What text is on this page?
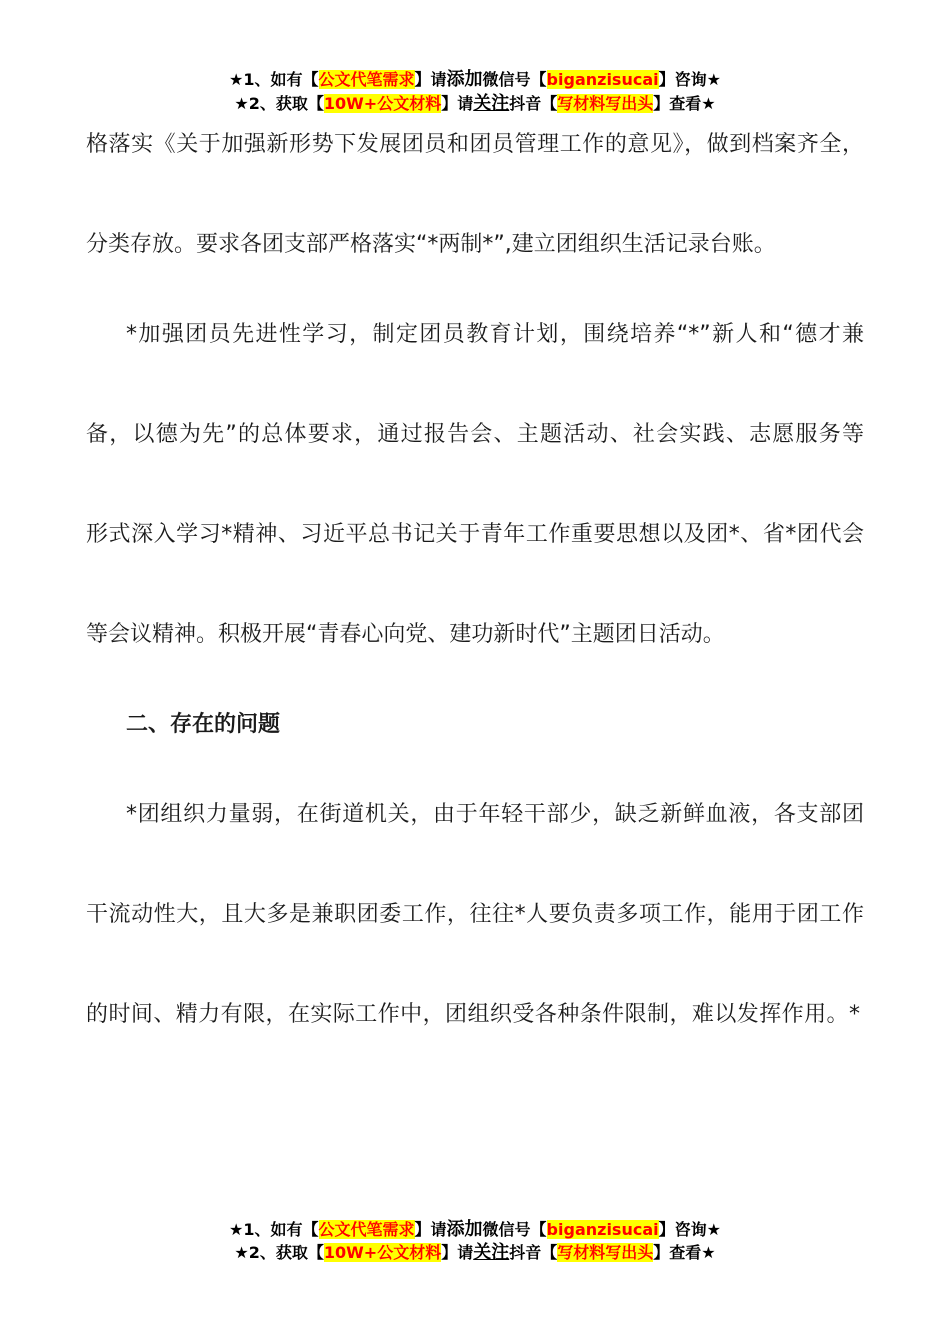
★1、如有【公文代笔需求】请添加微信号【biganzisucai】咨询★
★2、获取【10W+公文材料】请关注抖音【写材料写出头】查看★
格落实《关于加强新形势下发展团员和团员管理工作的意见》，做到档案齐全，
分类存放。要求各团支部严格落实“*两制*”,建立团组织生活记录台账。
*加强团员先进性学习，制定团员教育计划，围绕培养“*”新人和“德才兼
备，以德为先”的总体要求，通过报告会、主题活动、社会实践、志愿服务等
形式深入学习*精神、习近平总书记关于青年工作重要思想以及团*、省*团代会
等会议精神。积极开展“青春心向党、建功新时代”主题团日活动。
二、存在的问题
*团组织力量弱，在街道机关，由于年轻干部少，缺乏新鲜血液，各支部团
干流动性大，且大多是兼职团委工作，往往*人要负责多项工作，能用于团工作
的时间、精力有限，在实际工作中，团组织受各种条件限制，难以发挥作用。*
★1、如有【公文代笔需求】请添加微信号【biganzisucai】咨询★
★2、获取【10W+公文材料】请关注抖音【写材料写出头】查看★
